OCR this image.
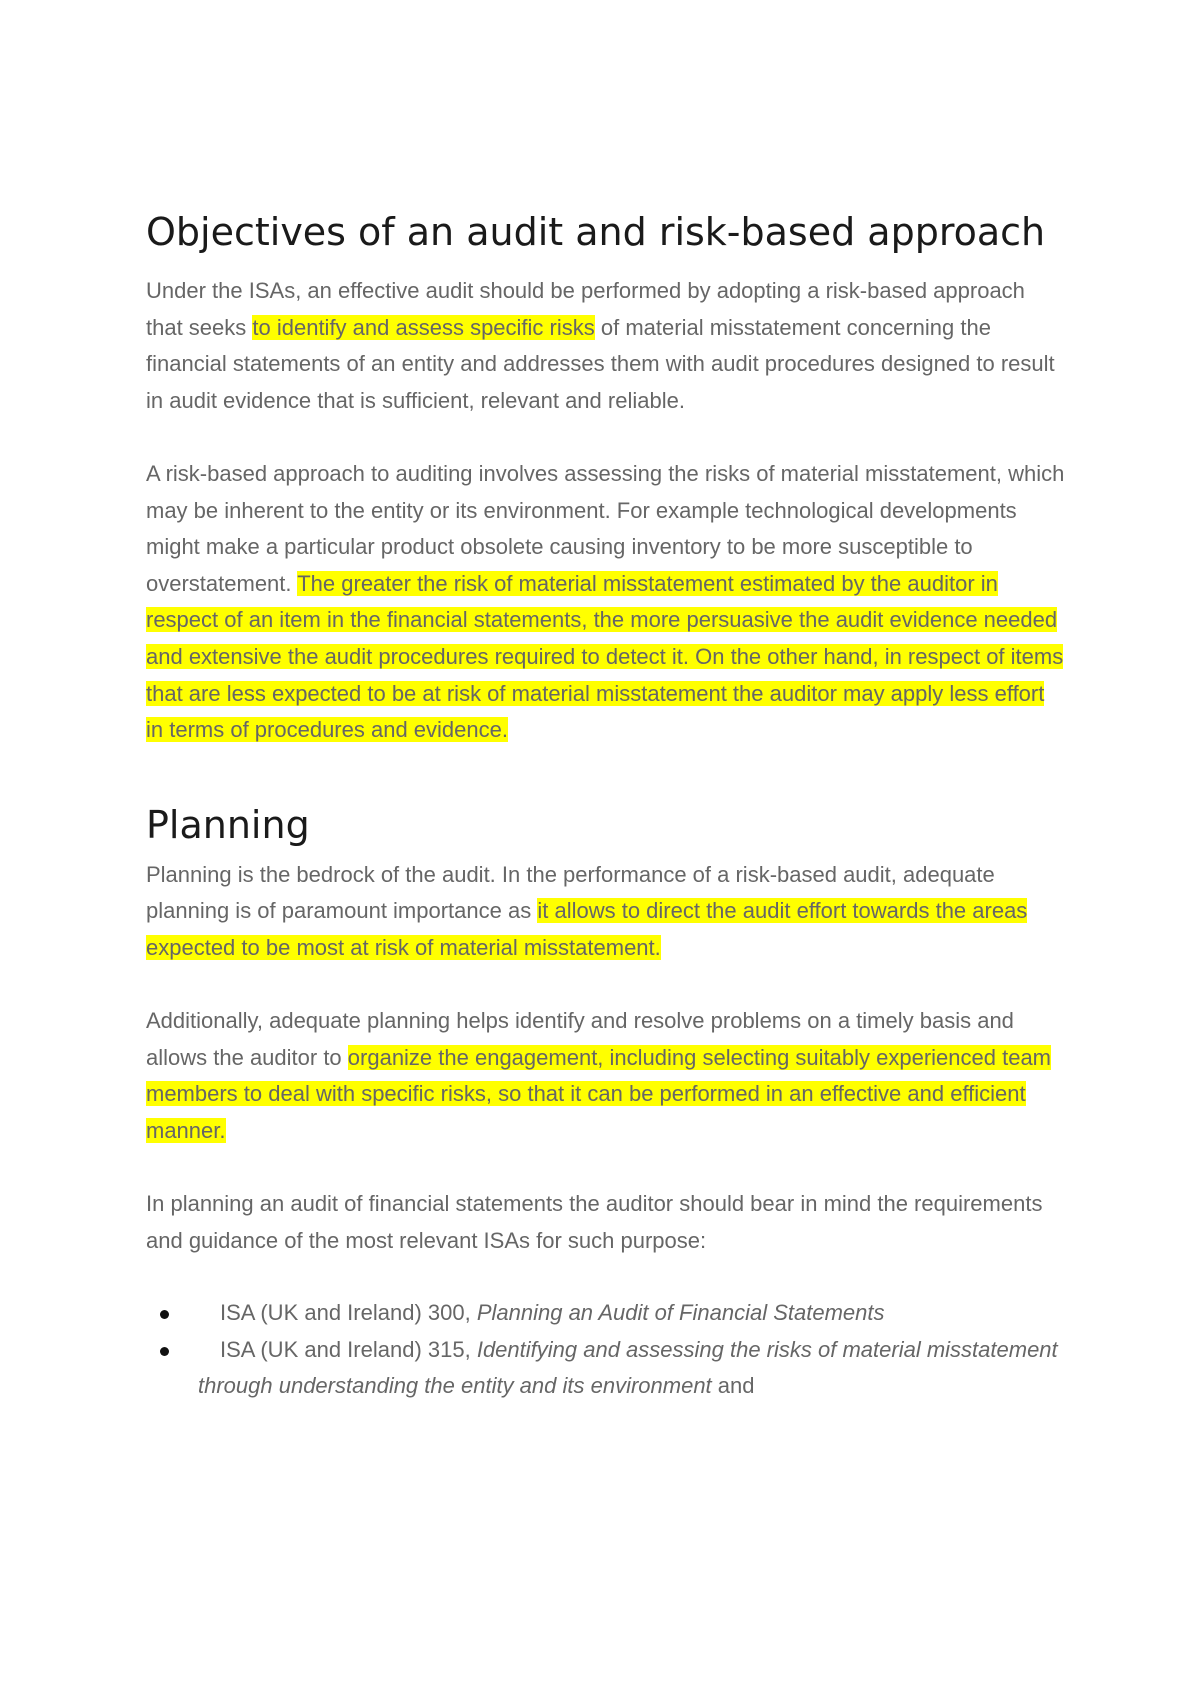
Objectives of an audit and risk-based approach

Under the ISAs, an effective audit should be performed by adopting a risk-based approach that seeks to identify and assess specific risks of material misstatement concerning the financial statements of an entity and addresses them with audit procedures designed to result in audit evidence that is sufficient, relevant and reliable.

A risk-based approach to auditing involves assessing the risks of material misstatement, which may be inherent to the entity or its environment. For example technological developments might make a particular product obsolete causing inventory to be more susceptible to overstatement. The greater the risk of material misstatement estimated by the auditor in respect of an item in the financial statements, the more persuasive the audit evidence needed and extensive the audit procedures required to detect it. On the other hand, in respect of items that are less expected to be at risk of material misstatement the auditor may apply less effort in terms of procedures and evidence.

Planning

Planning is the bedrock of the audit. In the performance of a risk-based audit, adequate planning is of paramount importance as it allows to direct the audit effort towards the areas expected to be most at risk of material misstatement.

Additionally, adequate planning helps identify and resolve problems on a timely basis and allows the auditor to organize the engagement, including selecting suitably experienced team members to deal with specific risks, so that it can be performed in an effective and efficient manner.

In planning an audit of financial statements the auditor should bear in mind the requirements and guidance of the most relevant ISAs for such purpose:

ISA (UK and Ireland) 300, Planning an Audit of Financial Statements
ISA (UK and Ireland) 315, Identifying and assessing the risks of material misstatement through understanding the entity and its environment and
